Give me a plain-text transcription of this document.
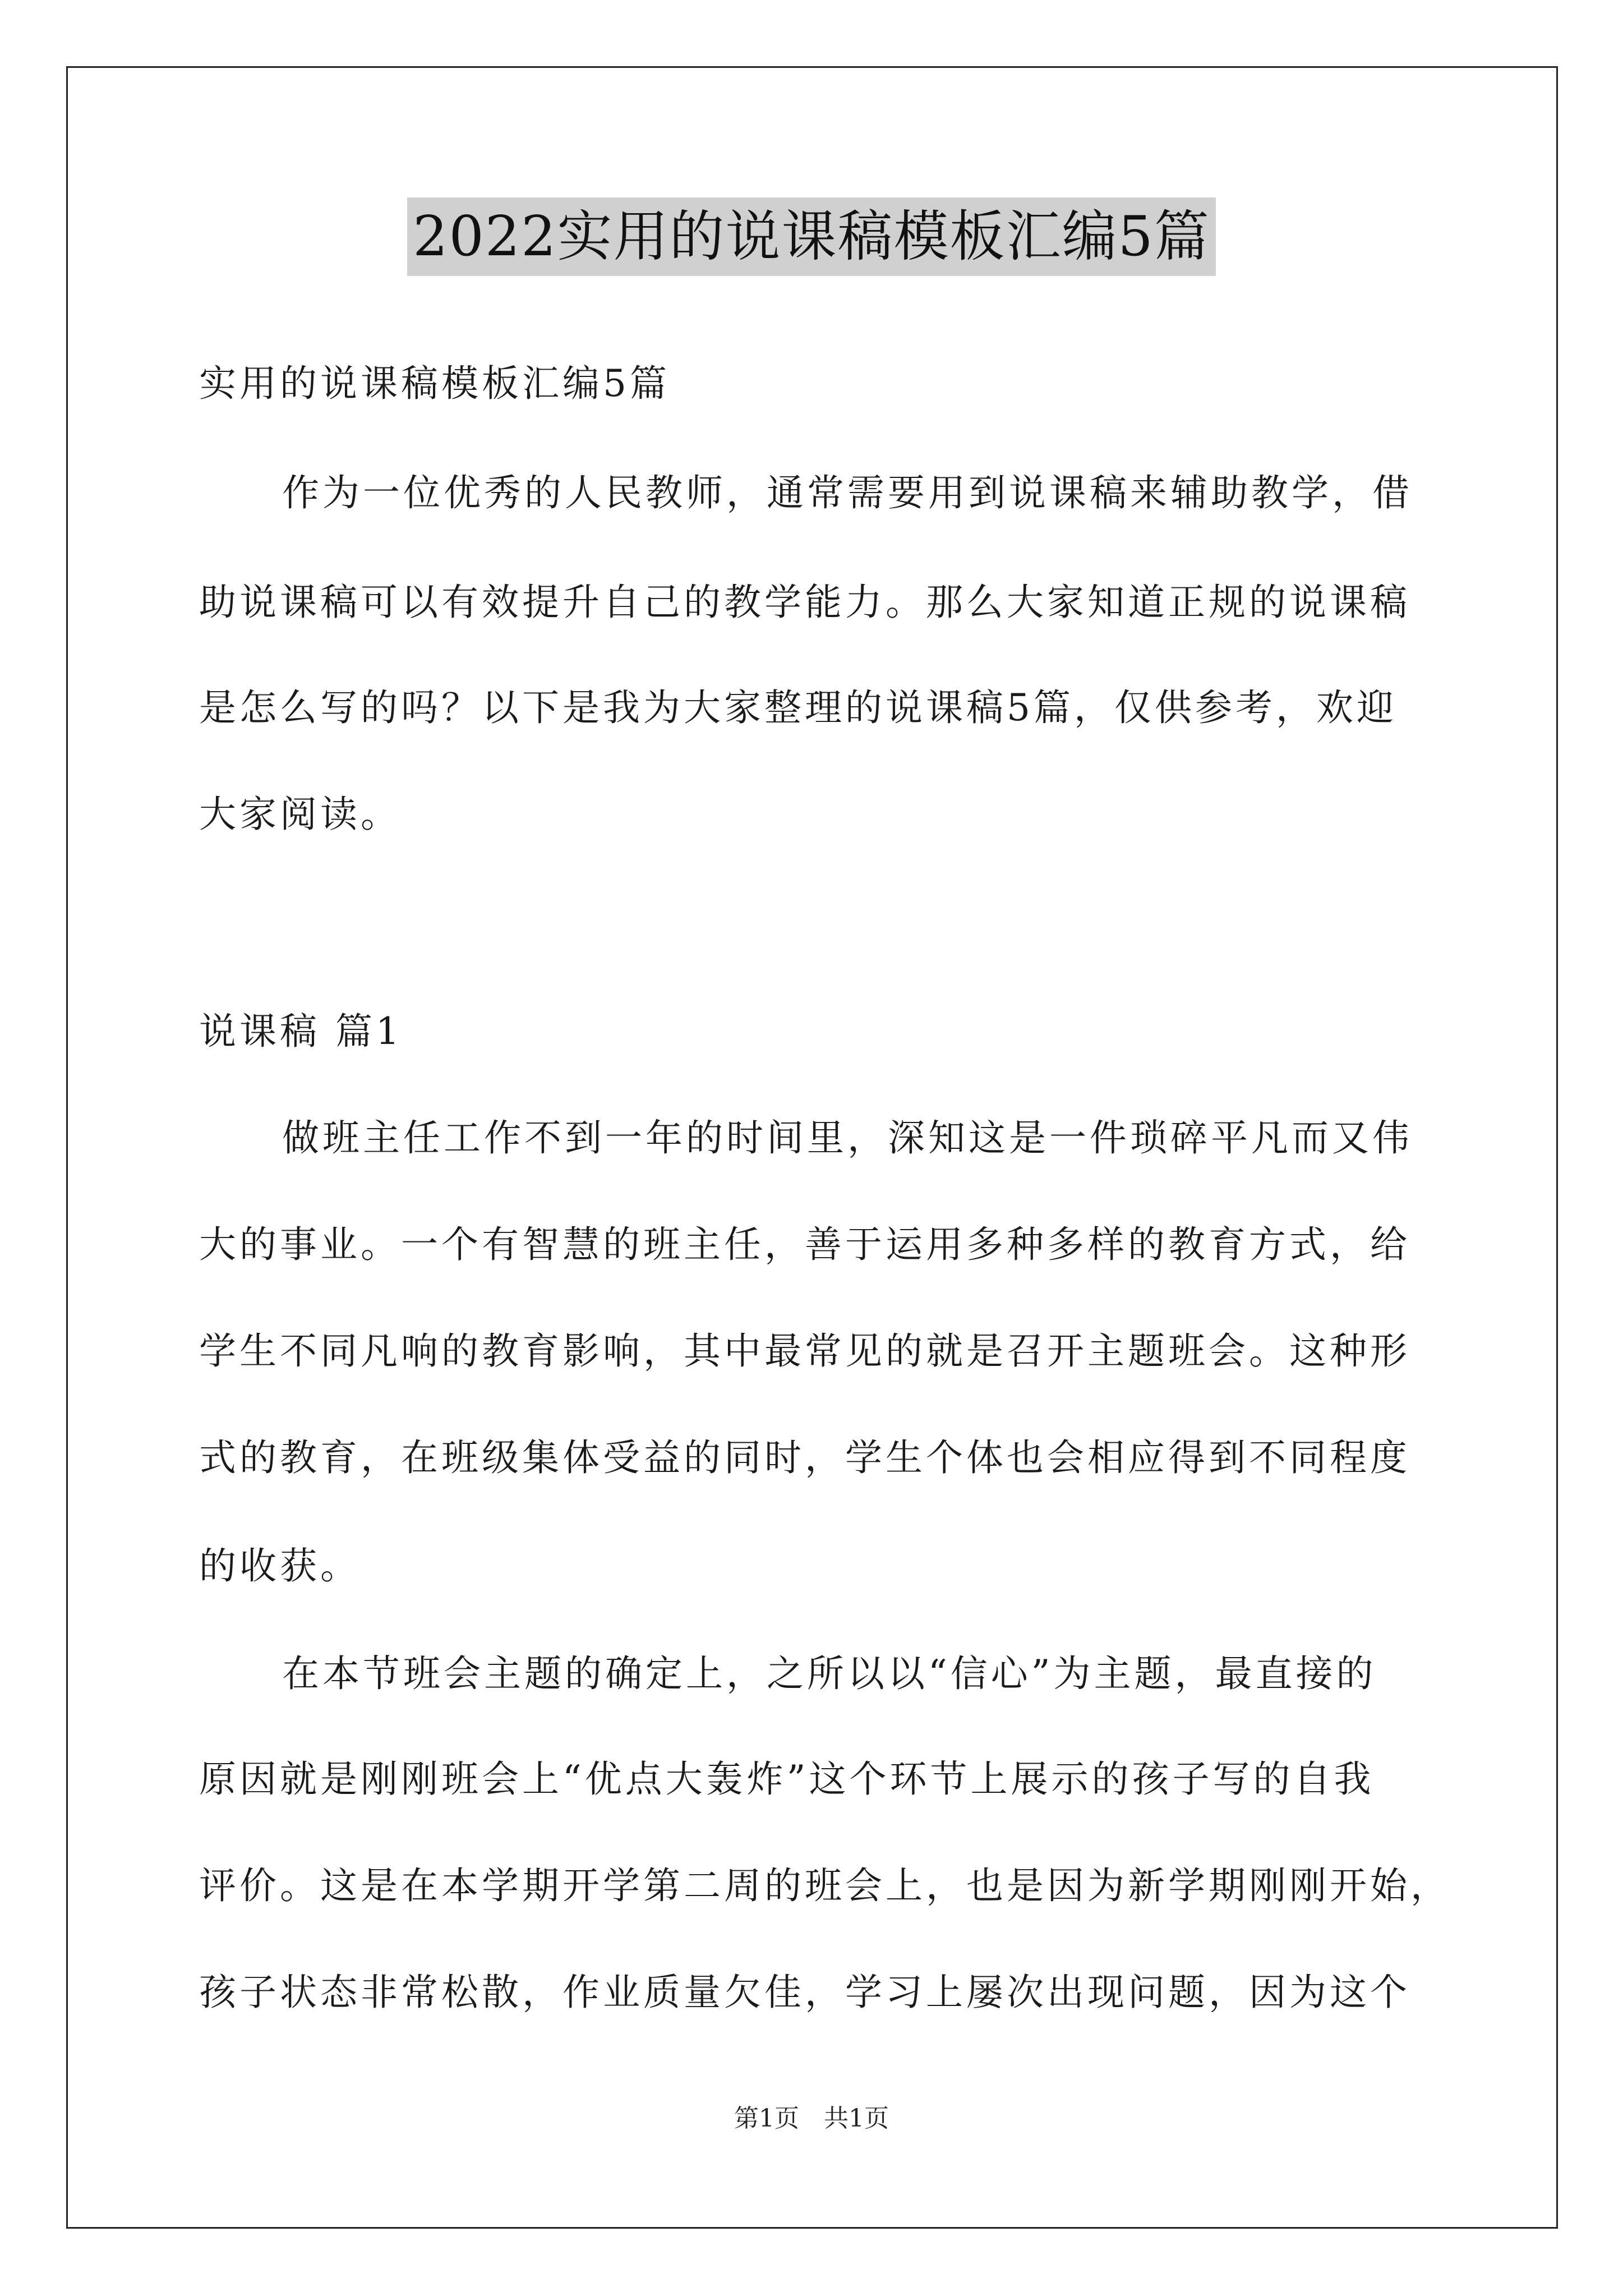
2022实用的说课稿模板汇编5篇
实用的说课稿模板汇编5篇
作为一位优秀的人民教师，通常需要用到说课稿来辅助教学，借
助说课稿可以有效提升自己的教学能力。那么大家知道正规的说课稿
是怎么写的吗？以下是我为大家整理的说课稿5篇，仅供参考，欢迎
大家阅读。
说课稿 篇1
做班主任工作不到一年的时间里，深知这是一件琐碎平凡而又伟
大的事业。一个有智慧的班主任，善于运用多种多样的教育方式，给
学生不同凡响的教育影响，其中最常见的就是召开主题班会。这种形
式的教育，在班级集体受益的同时，学生个体也会相应得到不同程度
的收获。
在本节班会主题的确定上，之所以以“信心”为主题，最直接的
原因就是刚刚班会上“优点大轰炸”这个环节上展示的孩子写的自我
评价。这是在本学期开学第二周的班会上，也是因为新学期刚刚开始，
孩子状态非常松散，作业质量欠佳，学习上屡次出现问题，因为这个
第1页　共1页
